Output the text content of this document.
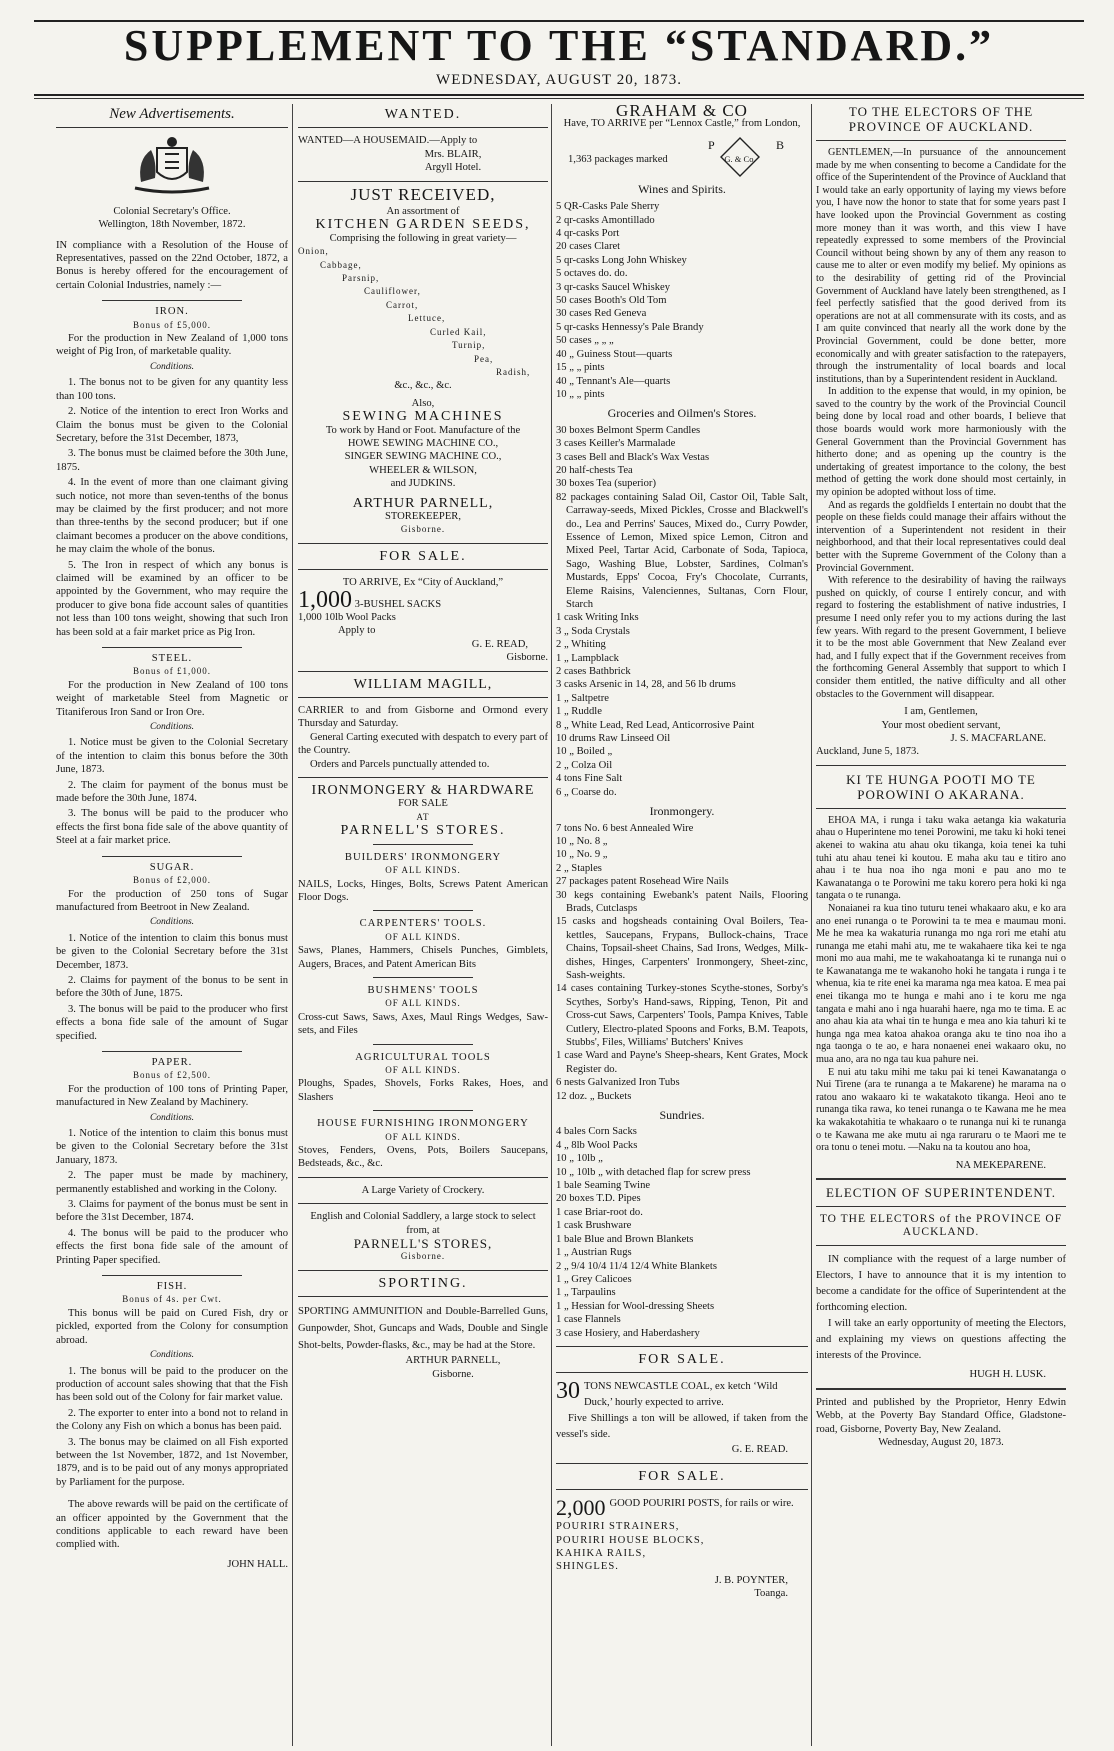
SUPPLEMENT TO THE “STANDARD.”
WEDNESDAY, AUGUST 20, 1873.

New Advertisements.

Colonial Secretary's Office.

Wellington, 18th November, 1872.

IN compliance with a Resolution of the House of Representatives, passed on the 22nd October, 1872, a Bonus is hereby offered for the encouragement of certain Colonial Industries, namely :—

IRON.

Bonus of £5,000.

For the production in New Zealand of 1,000 tons weight of Pig Iron, of marketable quality.

Conditions.

1. The bonus not to be given for any quantity less than 100 tons.

2. Notice of the intention to erect Iron Works and Claim the bonus must be given to the Colonial Secretary, before the 31st December, 1873,

3. The bonus must be claimed before the 30th June, 1875.

4. In the event of more than one claimant giving such notice, not more than seven-tenths of the bonus may be claimed by the first producer; and not more than three-tenths by the second producer; but if one claimant becomes a producer on the above conditions, he may claim the whole of the bonus.

5. The Iron in respect of which any bonus is claimed will be examined by an officer to be appointed by the Government, who may require the producer to give bona fide account sales of quantities not less than 100 tons weight, showing that such Iron has been sold at a fair market price as Pig Iron.

STEEL.

Bonus of £1,000.

For the production in New Zealand of 100 tons weight of marketable Steel from Magnetic or Titaniferous Iron Sand or Iron Ore.

Conditions.

1. Notice must be given to the Colonial Secretary of the intention to claim this bonus before the 30th June, 1873.

2. The claim for payment of the bonus must be made before the 30th June, 1874.

3. The bonus will be paid to the producer who effects the first bona fide sale of the above quantity of Steel at a fair market price.

SUGAR.

Bonus of £2,000.

For the production of 250 tons of Sugar manufactured from Beetroot in New Zealand.

Conditions.

1. Notice of the intention to claim this bonus must be given to the Colonial Secretary before the 31st December, 1873.

2. Claims for payment of the bonus to be sent in before the 30th of June, 1875.

3. The bonus will be paid to the producer who first effects a bona fide sale of the amount of Sugar specified.

PAPER.

Bonus of £2,500.

For the production of 100 tons of Printing Paper, manufactured in New Zealand by Machinery.

Conditions.

1. Notice of the intention to claim this bonus must be given to the Colonial Secretary before the 31st January, 1873.

2. The paper must be made by machinery, permanently established and working in the Colony.

3. Claims for payment of the bonus must be sent in before the 31st December, 1874.

4. The bonus will be paid to the producer who effects the first bona fide sale of the amount of Printing Paper specified.

FISH.

Bonus of 4s. per Cwt.

This bonus will be paid on Cured Fish, dry or pickled, exported from the Colony for consumption abroad.

Conditions.

1. The bonus will be paid to the producer on the production of account sales showing that that the Fish has been sold out of the Colony for fair market value.

2. The exporter to enter into a bond not to reland in the Colony any Fish on which a bonus has been paid.

3. The bonus may be claimed on all Fish exported between the 1st November, 1872, and 1st November, 1879, and is to be paid out of any monys appropriated by Parliament for the purpose.

The above rewards will be paid on the certificate of an officer appointed by the Government that the conditions applicable to each reward have been complied with.

JOHN HALL.

WANTED.

WANTED—A HOUSEMAID.—Apply to

Mrs. BLAIR,

Argyll Hotel.

JUST RECEIVED,

An assortment of

KITCHEN GARDEN SEEDS,

Comprising the following in great variety—

Onion,

Cabbage,

Parsnip,

Cauliflower,

Carrot,

Lettuce,

Curled Kail,

Turnip,

Pea,

Radish,

&c., &c., &c.

Also,

SEWING MACHINES

To work by Hand or Foot. Manufacture of the

HOWE SEWING MACHINE CO.,

SINGER SEWING MACHINE CO.,

WHEELER & WILSON,

and JUDKINS.

ARTHUR PARNELL,

STOREKEEPER,

Gisborne.

FOR SALE.

TO ARRIVE, Ex “City of Auckland,”

1,000 3-BUSHEL SACKS

1,000 10lb Wool Packs

Apply to

G. E. READ,

Gisborne.

WILLIAM MAGILL,

CARRIER to and from Gisborne and Ormond every Thursday and Saturday.

General Carting executed with despatch to every part of the Country.

Orders and Parcels punctually attended to.

IRONMONGERY & HARDWARE

FOR SALE

AT

PARNELL'S STORES.

BUILDERS' IRONMONGERY

OF ALL KINDS.

NAILS, Locks, Hinges, Bolts, Screws Patent American Floor Dogs.

CARPENTERS' TOOLS.

OF ALL KINDS.

Saws, Planes, Hammers, Chisels Punches, Gimblets, Augers, Braces, and Patent American Bits

BUSHMENS' TOOLS

OF ALL KINDS.

Cross-cut Saws, Saws, Axes, Maul Rings Wedges, Saw-sets, and Files

AGRICULTURAL TOOLS

OF ALL KINDS.

Ploughs, Spades, Shovels, Forks Rakes, Hoes, and Slashers

HOUSE FURNISHING IRONMONGERY

OF ALL KINDS.

Stoves, Fenders, Ovens, Pots, Boilers Saucepans, Bedsteads, &c., &c.

A Large Variety of Crockery.

English and Colonial Saddlery, a large stock to select from, at

PARNELL'S STORES,

Gisborne.

SPORTING.

SPORTING AMMUNITION and Double-Barrelled Guns, Gunpowder, Shot, Guncaps and Wads, Double and Single Shot-belts, Powder-flasks, &c., may be had at the Store.

ARTHUR PARNELL,

Gisborne.

GRAHAM & CO

Have, TO ARRIVE per “Lennox Castle,” from London,

1,363 packages marked
P	B
G. & Co.

Wines and Spirits.

5 QR-Casks Pale Sherry

2 qr-casks Amontillado

4 qr-casks Port

20 cases Claret

5 qr-casks Long John Whiskey

5 octaves do. do.

3 qr-casks Saucel Whiskey

50 cases Booth's Old Tom

30 cases Red Geneva

5 qr-casks Hennessy's Pale Brandy

50 cases „ „ „

40 „ Guiness Stout—quarts

15 „ „ pints

40 „ Tennant's Ale—quarts

10 „ „ pints

Groceries and Oilmen's Stores.

30 boxes Belmont Sperm Candles

3 cases Keiller's Marmalade

3 cases Bell and Black's Wax Vestas

20 half-chests Tea

30 boxes Tea (superior)

82 packages containing Salad Oil, Castor Oil, Table Salt, Carraway-seeds, Mixed Pickles, Crosse and Blackwell's do., Lea and Perrins' Sauces, Mixed do., Curry Powder, Essence of Lemon, Mixed spice Lemon, Citron and Mixed Peel, Tartar Acid, Carbonate of Soda, Tapioca, Sago, Washing Blue, Lobster, Sardines, Colman's Mustards, Epps' Cocoa, Fry's Chocolate, Currants, Eleme Raisins, Valenciennes, Sultanas, Corn Flour, Starch

1 cask Writing Inks

3 „ Soda Crystals

2 „ Whiting

1 „ Lampblack

2 cases Bathbrick

3 casks Arsenic in 14, 28, and 56 lb drums

1 „ Saltpetre

1 „ Ruddle

8 „ White Lead, Red Lead, Anticorrosive Paint

10 drums Raw Linseed Oil

10 „ Boiled „

2 „ Colza Oil

4 tons Fine Salt

6 „ Coarse do.

Ironmongery.

7 tons No. 6 best Annealed Wire

10 „ No. 8 „

10 „ No. 9 „

2 „ Staples

27 packages patent Rosehead Wire Nails

30 kegs containing Ewebank's patent Nails, Flooring Brads, Cutclasps

15 casks and hogsheads containing Oval Boilers, Tea-kettles, Saucepans, Frypans, Bullock-chains, Trace Chains, Topsail-sheet Chains, Sad Irons, Wedges, Milk-dishes, Hinges, Carpenters' Ironmongery, Sheet-zinc, Sash-weights.

14 cases containing Turkey-stones Scythe-stones, Sorby's Scythes, Sorby's Hand-saws, Ripping, Tenon, Pit and Cross-cut Saws, Carpenters' Tools, Pampa Knives, Table Cutlery, Electro-plated Spoons and Forks, B.M. Teapots, Stubbs', Files, Williams' Butchers' Knives

1 case Ward and Payne's Sheep-shears, Kent Grates, Mock Register do.

6 nests Galvanized Iron Tubs

12 doz. „ Buckets

Sundries.

4 bales Corn Sacks

4 „ 8lb Wool Packs

10 „ 10lb „

10 „ 10lb „ with detached flap for screw press

1 bale Seaming Twine

20 boxes T.D. Pipes

1 case Briar-root do.

1 cask Brushware

1 bale Blue and Brown Blankets

1 „ Austrian Rugs

2 „ 9/4 10/4 11/4 12/4 White Blankets

1 „ Grey Calicoes

1 „ Tarpaulins

1 „ Hessian for Wool-dressing Sheets

1 case Flannels

3 case Hosiery, and Haberdashery

FOR SALE.

30 TONS NEWCASTLE COAL, ex ketch ‘Wild Duck,’ hourly expected to arrive.

Five Shillings a ton will be allowed, if taken from the vessel's side.

G. E. READ.

FOR SALE.

2,000 GOOD POURIRI POSTS, for rails or wire.

POURIRI STRAINERS,

POURIRI HOUSE BLOCKS,

KAHIKA RAILS,

SHINGLES.

J. B. POYNTER,

Toanga.

TO THE ELECTORS OF THE PROVINCE OF AUCKLAND.

GENTLEMEN,—In pursuance of the announcement made by me when consenting to become a Candidate for the office of the Superintendent of the Province of Auckland that I would take an early opportunity of laying my views before you, I have now the honor to state that for some years past I have looked upon the Provincial Government as costing more money than it was worth, and this view I have repeatedly expressed to some members of the Provincial Council without being shown by any of them any reason to cause me to alter or even modify my belief. My opinions as to the desirability of getting rid of the Provincial Government of Auckland have lately been strengthened, as I feel perfectly satisfied that the good derived from its operations are not at all commensurate with its costs, and as I am quite convinced that nearly all the work done by the Provincial Government, could be done better, more economically and with greater satisfaction to the ratepayers, through the instrumentality of local boards and local institutions, than by a Superintendent resident in Auckland.

In addition to the expense that would, in my opinion, be saved to the country by the work of the Provincial Council being done by local road and other boards, I believe that those boards would work more harmoniously with the General Government than the Provincial Government has hitherto done; and as opening up the country is the undertaking of greatest importance to the colony, the best method of getting the work done should most certainly, in my opinion be adopted without loss of time.

And as regards the goldfields I entertain no doubt that the people on these fields could manage their affairs without the intervention of a Superintendent not resident in their neighborhood, and that their local representatives could deal better with the Supreme Government of the Colony than a Provincial Government.

With reference to the desirability of having the railways pushed on quickly, of course I entirely concur, and with regard to fostering the establishment of native industries, I presume I need only refer you to my actions during the last few years. With regard to the present Government, I believe it to be the most able Government that New Zealand ever had, and I fully expect that if the Government receives from the forthcoming General Assembly that support to which I consider them entitled, the native difficulty and all other obstacles to the Government will disappear.

I am, Gentlemen,

Your most obedient servant,

J. S. MACFARLANE.

Auckland, June 5, 1873.

KI TE HUNGA POOTI MO TE POROWINI O AKARANA.

EHOA MA, i runga i taku waka aetanga kia wakaturia ahau o Huperintene mo tenei Porowini, me taku ki hoki tenei akenei to wakina atu ahau oku tikanga, koia tenei ka tuhi tuhi atu ahau tenei ki koutou. E maha aku tau e titiro ano ahau i te hua noa iho nga moni e pau ano mo te Kawanatanga o te Porowini me taku korero pera hoki ki nga tangata o te runanga.

Nonaianei ra kua tino tuturu tenei whakaaro aku, e ko ara ano enei runanga o te Porowini ta te mea e maumau moni. Me he mea ka wakaturia runanga mo nga rori me etahi atu runanga me etahi mahi atu, me te wakahaere tika kei te nga moni mo aua mahi, me te wakahoatanga ki te runanga nui o te Kawanatanga me te wakanoho hoki he tangata i runga i te whenua, kia te rite enei ka marama nga mea katoa. E mea pai enei tikanga mo te hunga e mahi ano i te koru me nga tangata e mahi ano i nga huarahi haere, nga mo te tima. E ac ano ahau kia ata whai tin te hunga e mea ano kia tahuri ki te hunga nga mea katoa ahakoa oranga aku te tino noa iho a nga taonga o te ao, e hara nonaenei enei wakaaro oku, no mua ano, ara no nga tau kua pahure nei.

E nui atu taku mihi me taku pai ki tenei Kawanatanga o Nui Tirene (ara te runanga a te Makarene) he marama na o ratou ano wakaaro ki te wakatakoto tikanga. Heoi ano te runanga tika rawa, ko tenei runanga o te Kawana me he mea ka wakakotahitia te whakaaro o te runanga nui ki te runanga o te Kawana me ake mutu ai nga raruraru o te Maori me te ora tonu o tenei motu. —Naku na ta koutou ano hoa,

NA MEKEPARENE.

ELECTION OF SUPERINTENDENT.

TO THE ELECTORS of the PROVINCE OF AUCKLAND.

IN compliance with the request of a large number of Electors, I have to announce that it is my intention to become a candidate for the office of Superintendent at the forthcoming election.

I will take an early opportunity of meeting the Electors, and explaining my views on questions affecting the interests of the Province.

HUGH H. LUSK.

Printed and published by the Proprietor, Henry Edwin Webb, at the Poverty Bay Standard Office, Gladstone-road, Gisborne, Poverty Bay, New Zealand.

Wednesday, August 20, 1873.
